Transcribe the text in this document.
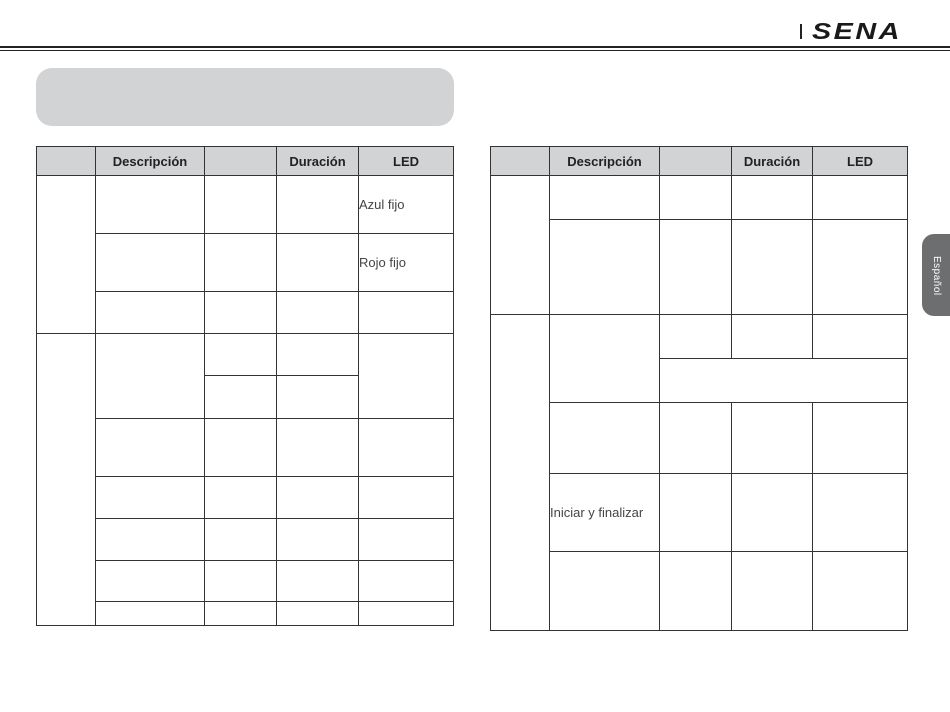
SENA
Español
	Descripción		Duración	LED
				Azul fijo
				Rojo fijo

	Descripción		Duración	LED

	Iniciar y finalizar			
